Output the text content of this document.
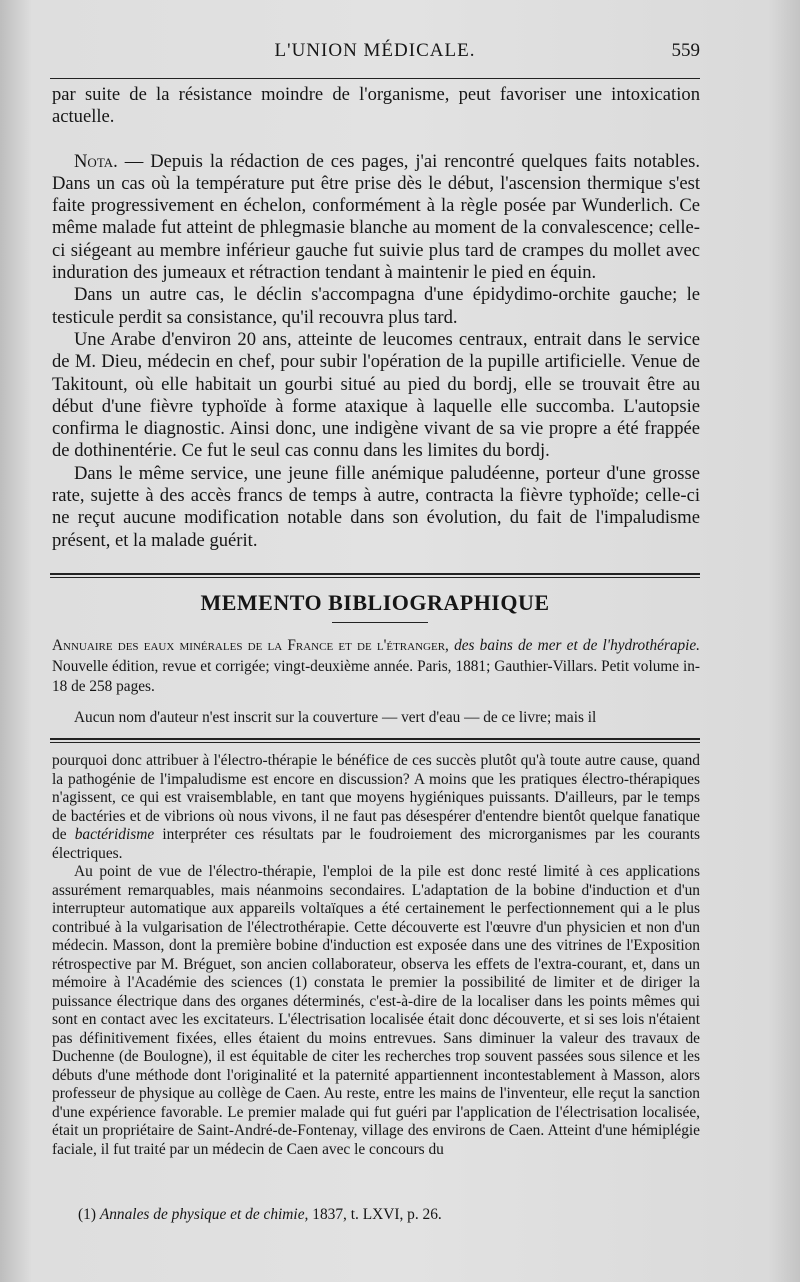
L'UNION MÉDICALE.	559

par suite de la résistance moindre de l'organisme, peut favoriser une intoxication actuelle.

Nota. — Depuis la rédaction de ces pages, j'ai rencontré quelques faits notables. Dans un cas où la température put être prise dès le début, l'ascension thermique s'est faite progressivement en échelon, conformément à la règle posée par Wunderlich. Ce même malade fut atteint de phlegmasie blanche au moment de la convalescence; celle-ci siégeant au membre inférieur gauche fut suivie plus tard de crampes du mollet avec induration des jumeaux et rétraction tendant à maintenir le pied en équin.

Dans un autre cas, le déclin s'accompagna d'une épidydimo-orchite gauche; le testicule perdit sa consistance, qu'il recouvra plus tard.

Une Arabe d'environ 20 ans, atteinte de leucomes centraux, entrait dans le service de M. Dieu, médecin en chef, pour subir l'opération de la pupille artificielle. Venue de Takitount, où elle habitait un gourbi situé au pied du bordj, elle se trouvait être au début d'une fièvre typhoïde à forme ataxique à laquelle elle succomba. L'autopsie confirma le diagnostic. Ainsi donc, une indigène vivant de sa vie propre a été frappée de dothinentérie. Ce fut le seul cas connu dans les limites du bordj.

Dans le même service, une jeune fille anémique paludéenne, porteur d'une grosse rate, sujette à des accès francs de temps à autre, contracta la fièvre typhoïde; celle-ci ne reçut aucune modification notable dans son évolution, du fait de l'impaludisme présent, et la malade guérit.

MEMENTO BIBLIOGRAPHIQUE

Annuaire des eaux minérales de la France et de l'étranger, des bains de mer et de l'hydrothérapie. Nouvelle édition, revue et corrigée; vingt-deuxième année. Paris, 1881; Gauthier-Villars. Petit volume in-18 de 258 pages.

Aucun nom d'auteur n'est inscrit sur la couverture — vert d'eau — de ce livre; mais il

pourquoi donc attribuer à l'électro-thérapie le bénéfice de ces succès plutôt qu'à toute autre cause, quand la pathogénie de l'impaludisme est encore en discussion? A moins que les pratiques électro-thérapiques n'agissent, ce qui est vraisemblable, en tant que moyens hygiéniques puissants. D'ailleurs, par le temps de bactéries et de vibrions où nous vivons, il ne faut pas désespérer d'entendre bientôt quelque fanatique de bactéridisme interpréter ces résultats par le foudroiement des microrganismes par les courants électriques.

Au point de vue de l'électro-thérapie, l'emploi de la pile est donc resté limité à ces applications assurément remarquables, mais néanmoins secondaires. L'adaptation de la bobine d'induction et d'un interrupteur automatique aux appareils voltaïques a été certainement le perfectionnement qui a le plus contribué à la vulgarisation de l'électrothérapie. Cette découverte est l'œuvre d'un physicien et non d'un médecin. Masson, dont la première bobine d'induction est exposée dans une des vitrines de l'Exposition rétrospective par M. Bréguet, son ancien collaborateur, observa les effets de l'extra-courant, et, dans un mémoire à l'Académie des sciences (1) constata le premier la possibilité de limiter et de diriger la puissance électrique dans des organes déterminés, c'est-à-dire de la localiser dans les points mêmes qui sont en contact avec les excitateurs. L'électrisation localisée était donc découverte, et si ses lois n'étaient pas définitivement fixées, elles étaient du moins entrevues. Sans diminuer la valeur des travaux de Duchenne (de Boulogne), il est équitable de citer les recherches trop souvent passées sous silence et les débuts d'une méthode dont l'originalité et la paternité appartiennent incontestablement à Masson, alors professeur de physique au collège de Caen. Au reste, entre les mains de l'inventeur, elle reçut la sanction d'une expérience favorable. Le premier malade qui fut guéri par l'application de l'électrisation localisée, était un propriétaire de Saint-André-de-Fontenay, village des environs de Caen. Atteint d'une hémiplégie faciale, il fut traité par un médecin de Caen avec le concours du

(1) Annales de physique et de chimie, 1837, t. LXVI, p. 26.
